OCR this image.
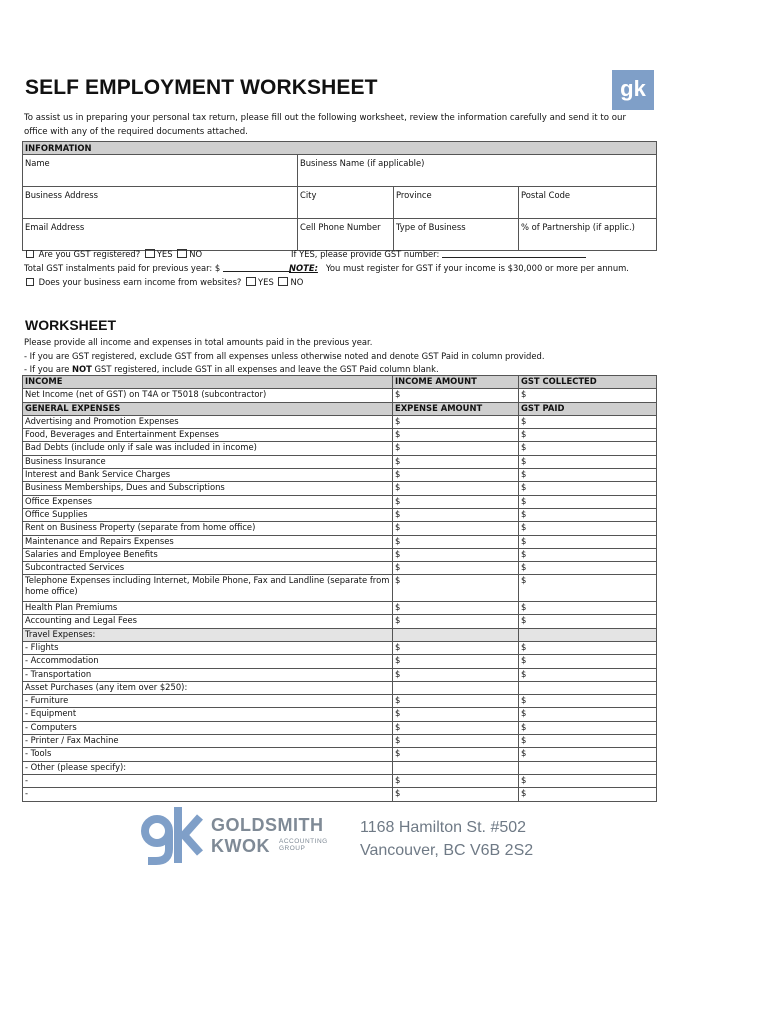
SELF EMPLOYMENT WORKSHEET	gk
To assist us in preparing your personal tax return, please fill out the following worksheet, review the information carefully and send it to our office with any of the required documents attached.
INFORMATION			
Name	Business Name (if applicable)		
Business Address	City	Province	Postal Code
Email Address	Cell Phone Number	Type of Business	% of Partnership (if applic.)
Are you GST registered? YES NO	If YES, please provide GST number:
Total GST instalments paid for previous year: $	NOTE: You must register for GST if your income is $30,000 or more per annum.
Does your business earn income from websites? YES NO
WORKSHEET
Please provide all income and expenses in total amounts paid in the previous year.
- If you are GST registered, exclude GST from all expenses unless otherwise noted and denote GST Paid in column provided.
- If you are NOT GST registered, include GST in all expenses and leave the GST Paid column blank.
INCOME	INCOME AMOUNT	GST COLLECTED
Net Income (net of GST) on T4A or T5018 (subcontractor)	$	$
GENERAL EXPENSES	EXPENSE AMOUNT	GST PAID
Advertising and Promotion Expenses	$	$
Food, Beverages and Entertainment Expenses	$	$
Bad Debts (include only if sale was included in income)	$	$
Business Insurance	$	$
Interest and Bank Service Charges	$	$
Business Memberships, Dues and Subscriptions	$	$
Office Expenses	$	$
Office Supplies	$	$
Rent on Business Property (separate from home office)	$	$
Maintenance and Repairs Expenses	$	$
Salaries and Employee Benefits	$	$
Subcontracted Services	$	$
Telephone Expenses including Internet, Mobile Phone, Fax and Landline (separate from home office)	$	$
Health Plan Premiums	$	$
Accounting and Legal Fees	$	$
Travel Expenses:		
- Flights	$	$
- Accommodation	$	$
- Transportation	$	$
Asset Purchases (any item over $250):		
- Furniture	$	$
- Equipment	$	$
- Computers	$	$
- Printer / Fax Machine	$	$
- Tools	$	$
- Other (please specify):		
-	$	$
-	$	$
GOLDSMITH
KWOK	ACCOUNTING
GROUP
1168 Hamilton St. #502
Vancouver, BC V6B 2S2
